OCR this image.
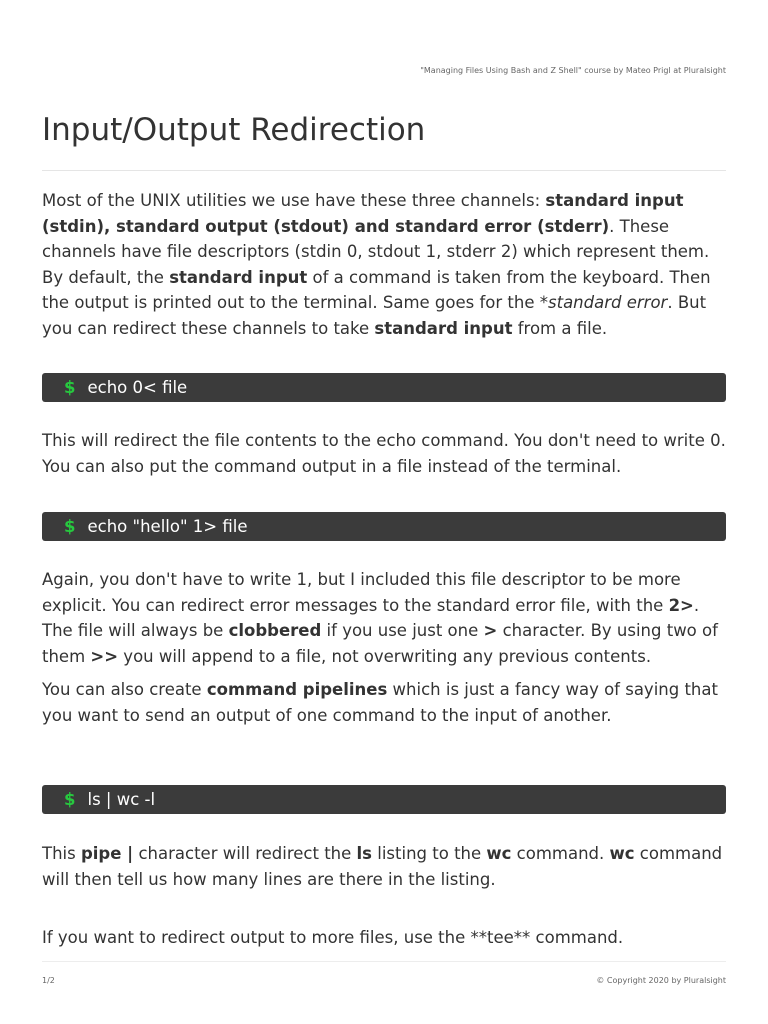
"Managing Files Using Bash and Z Shell" course by Mateo Prigl at Pluralsight
Input/Output Redirection

Most of the UNIX utilities we use have these three channels: standard input (stdin), standard output (stdout) and standard error (stderr). These channels have file descriptors (stdin 0, stdout 1, stderr 2) which represent them. By default, the standard input of a command is taken from the keyboard. Then the output is printed out to the terminal. Same goes for the *standard error. But you can redirect these channels to take standard input from a file.

$ echo 0< file

This will redirect the file contents to the echo command. You don't need to write 0. You can also put the command output in a file instead of the terminal.

$ echo "hello" 1> file

Again, you don't have to write 1, but I included this file descriptor to be more explicit. You can redirect error messages to the standard error file, with the 2>. The file will always be clobbered if you use just one > character. By using two of them >> you will append to a file, not overwriting any previous contents.

You can also create command pipelines which is just a fancy way of saying that you want to send an output of one command to the input of another.

$ ls | wc -l

This pipe | character will redirect the ls listing to the wc command. wc command will then tell us how many lines are there in the listing.

If you want to redirect output to more files, use the **tee** command.

1/2	© Copyright 2020 by Pluralsight
